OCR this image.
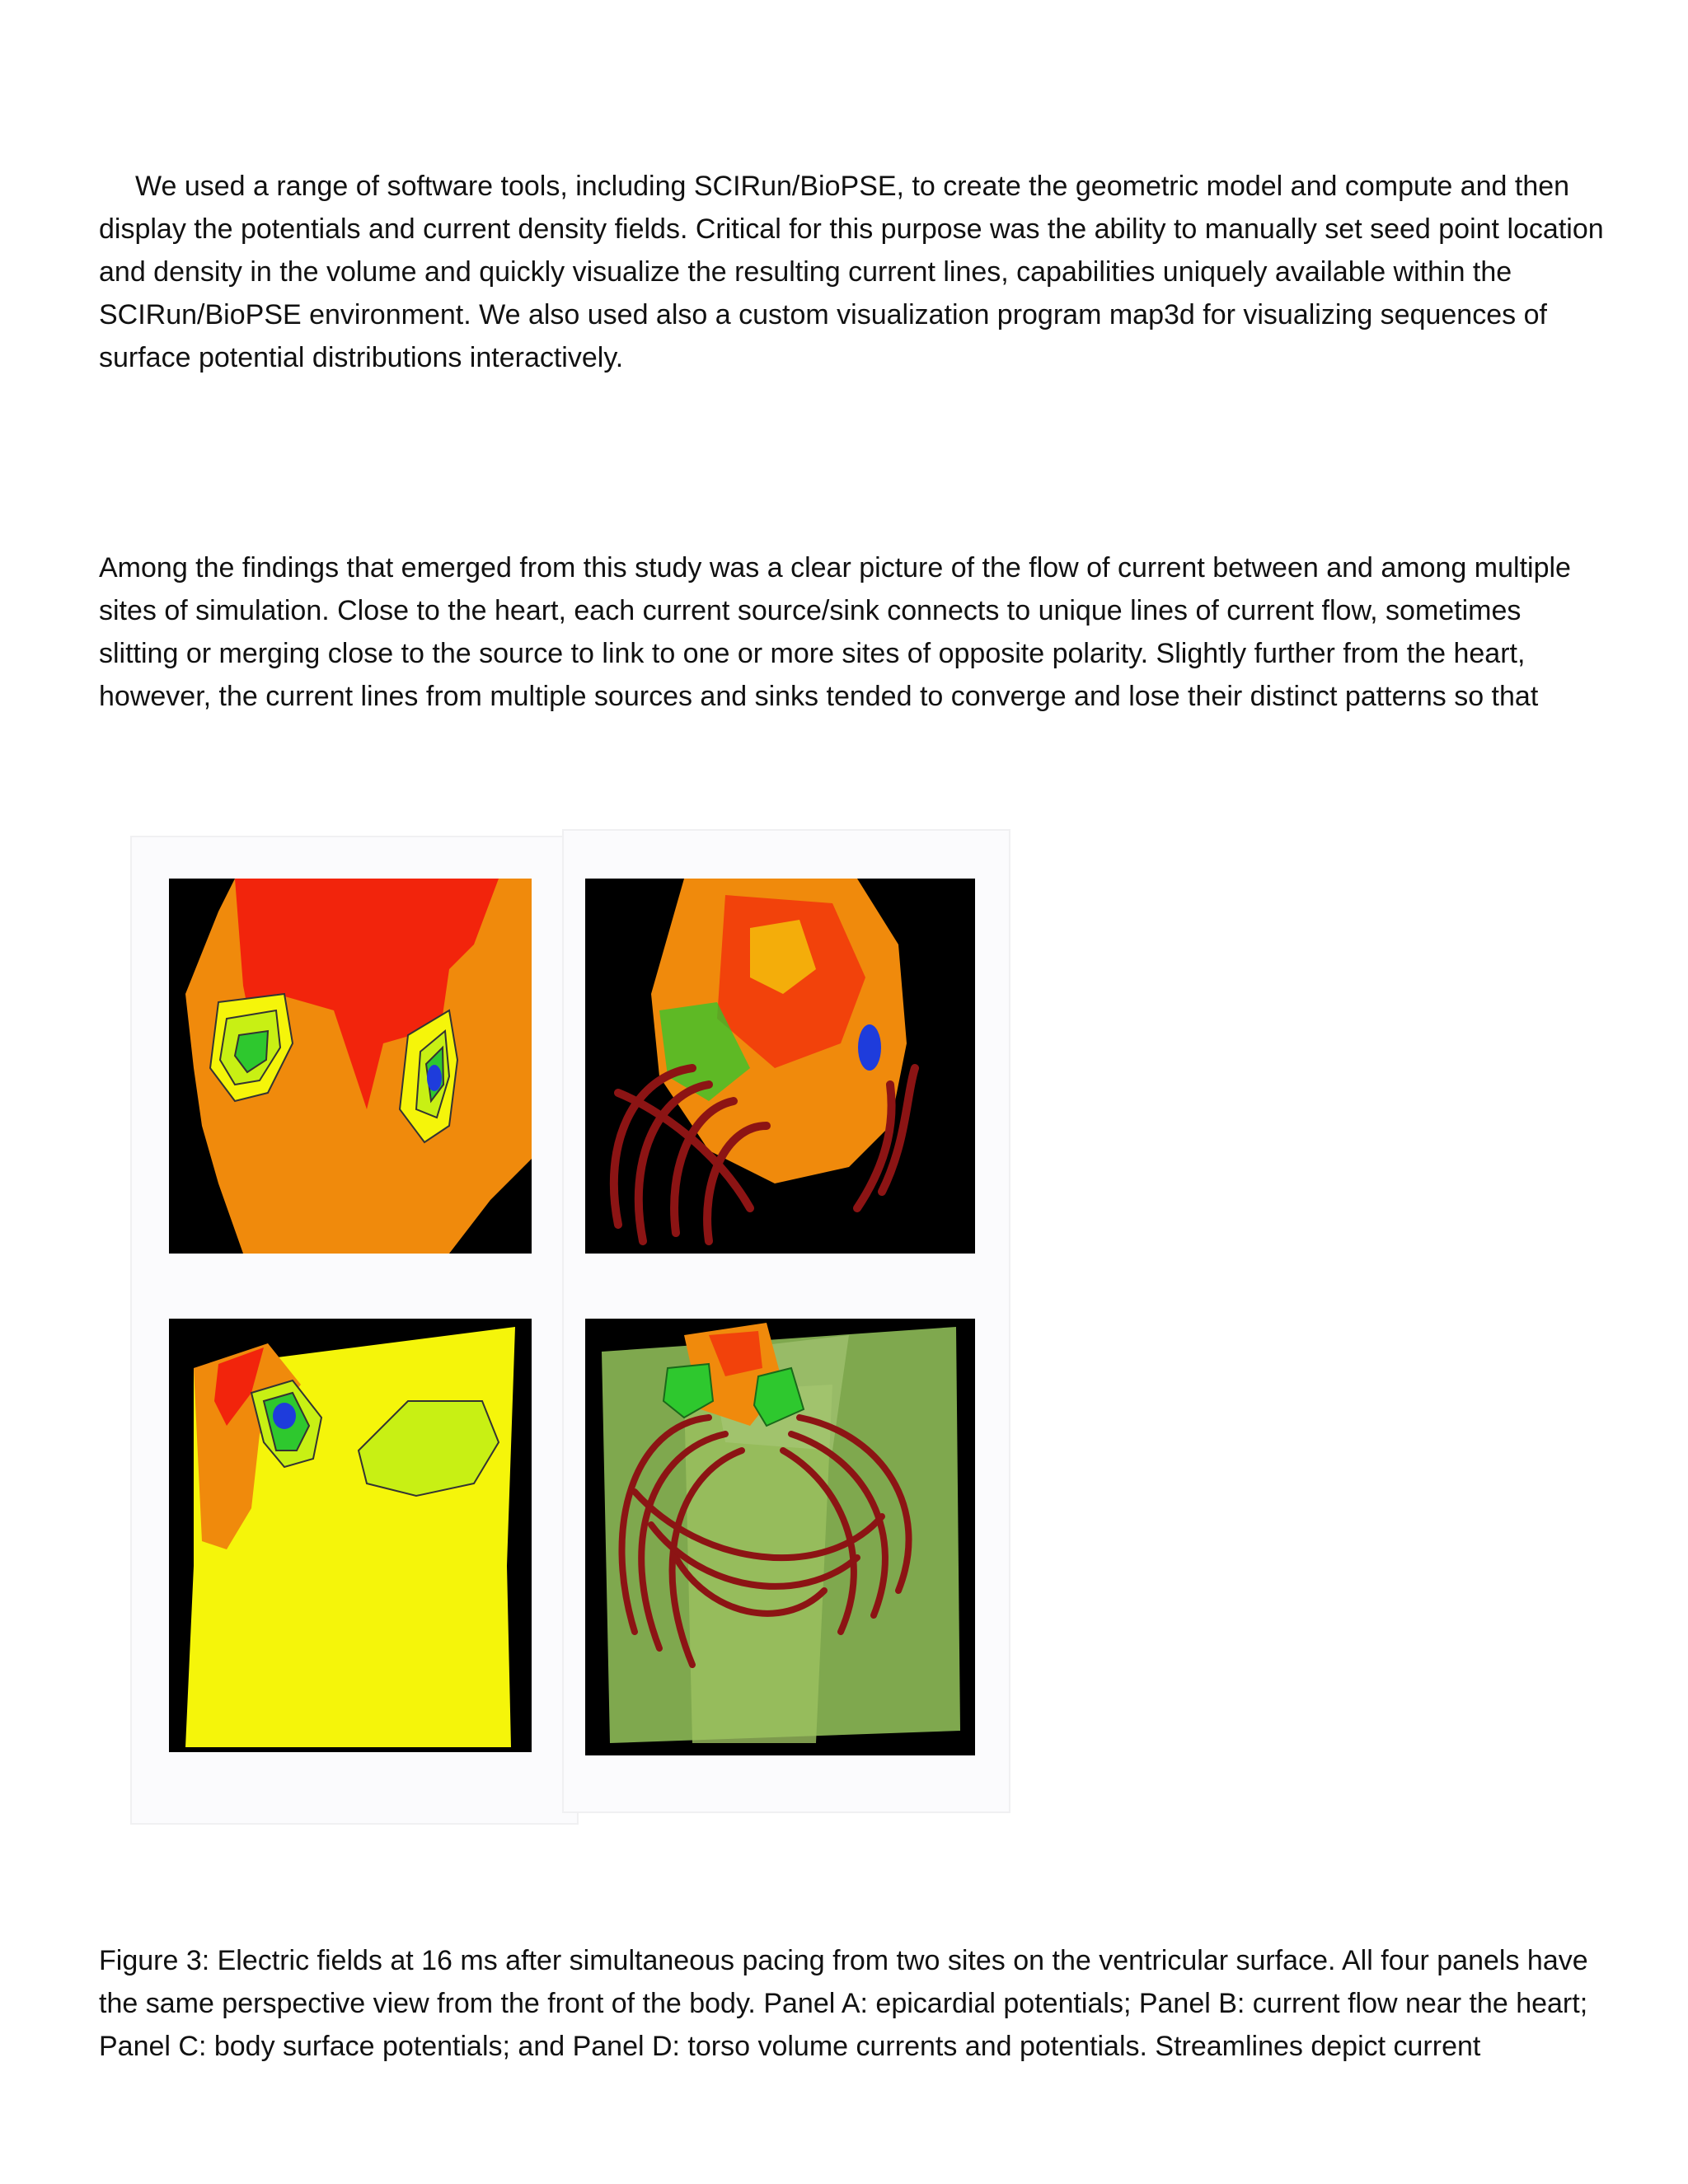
We used a range of software tools, including SCIRun/BioPSE, to create the geometric model and compute and then display the potentials and current density fields. Critical for this purpose was the ability to manually set seed point location and density in the volume and quickly visualize the resulting current lines, capabilities uniquely available within the SCIRun/BioPSE environment. We also used also a custom visualization program map3d for visualizing sequences of surface potential distributions interactively.

Among the findings that emerged from this study was a clear picture of the flow of current between and among multiple sites of simulation. Close to the heart, each current source/sink connects to unique lines of current flow, sometimes slitting or merging close to the source to link to one or more sites of opposite polarity. Slightly further from the heart, however, the current lines from multiple sources and sinks tended to converge and lose their distinct patterns so that

Figure 3: Electric fields at 16 ms after simultaneous pacing from two sites on the ventricular surface. All four panels have the same perspective view from the front of the body. Panel A: epicardial potentials; Panel B: current flow near the heart; Panel C: body surface potentials; and Panel D: torso volume currents and potentials. Streamlines depict current
